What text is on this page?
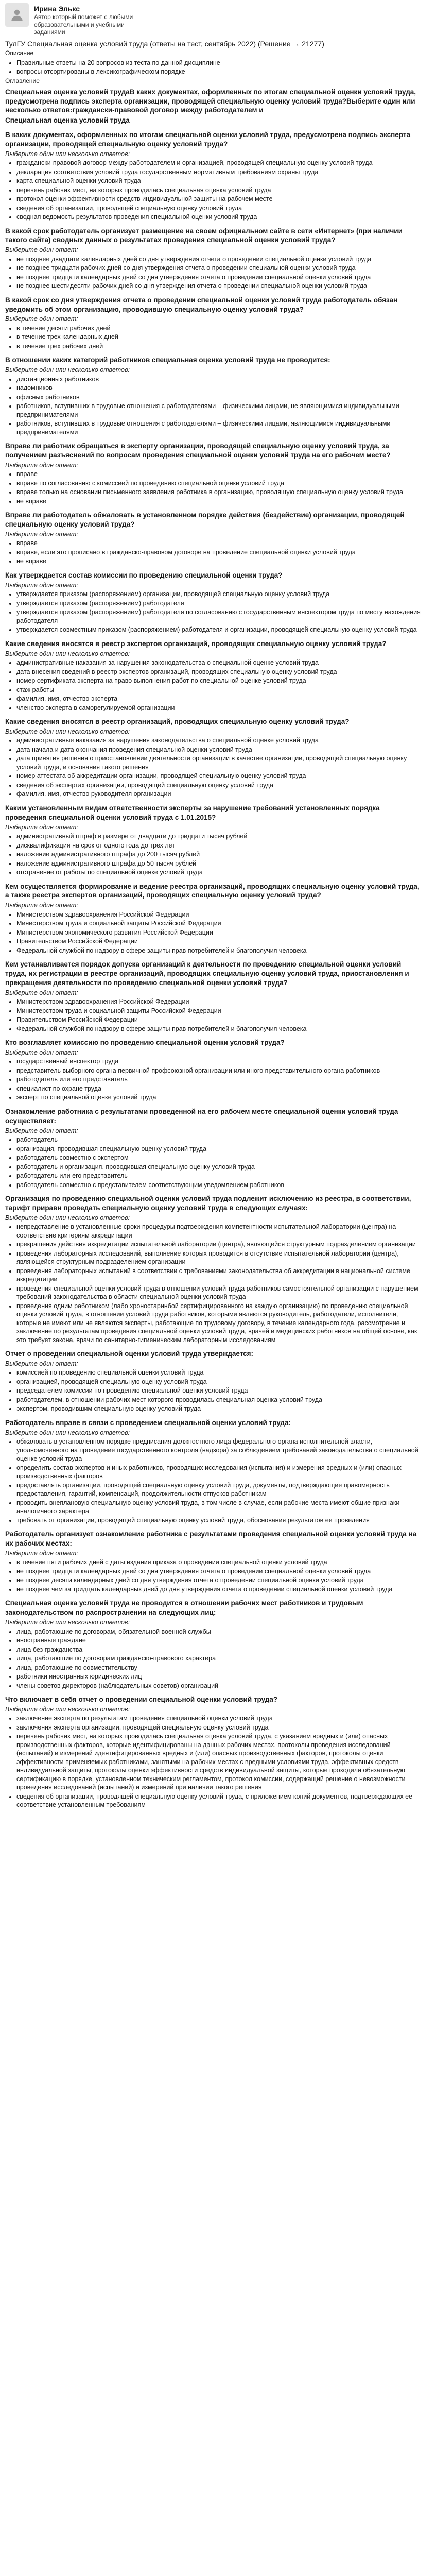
Ирина Элькс
Автор который поможет с любыми образовательными и учебными заданиями
ТулГУ Специальная оценка условий труда (ответы на тест, сентябрь 2022) (Решение → 21277)
Описание
• Правильные ответы на 20 вопросов из теста по данной дисциплине
• вопросы отсортированы в лексикографическом порядке
Оглавление
Специальная оценка условий трудаВ каких документах, оформленных по итогам специальной оценки условий труда, предусмотрена подпись эксперта организации, проводящей специальную оценку условий труда?Выберите один или несколько ответов:граждански-правовой договор между работодателем и
Специальная оценка условий труда
В каких документах, оформленных по итогам специальной оценки условий труда, предусмотрена подпись эксперта организации, проводящей специальную оценку условий труда?
Выберите один или несколько ответов:
• граждански-правовой договор между работодателем и организацией, проводящей специальную оценку условий труда
• декларация соответствия условий труда государственным нормативным требованиям охраны труда
• карта специальной оценки условий труда
• перечень рабочих мест, на которых проводилась специальная оценка условий труда
• протокол оценки эффективности средств индивидуальной защиты на рабочем месте
• сведения об организации, проводящей специальную оценку условий труда
• сводная ведомость результатов проведения специальной оценки условий труда
В какой срок работодатель организует размещение на своем официальном сайте в сети «Интернет» (при наличии такого сайта) сводных данных о результатах проведения специальной оценки условий труда?
Выберите один ответ:
• не позднее двадцати календарных дней со дня утверждения отчета о проведении специальной оценки условий труда
• не позднее тридцати рабочих дней со дня утверждения отчета о проведении специальной оценки условий труда
• не позднее тридцати календарных дней со дня утверждения отчета о проведении специальной оценки условий труда
• не позднее шестидесяти рабочих дней со дня утверждения отчета о проведении специальной оценки условий труда
В какой срок со дня утверждения отчета о проведении специальной оценки условий труда работодатель обязан уведомить об этом организацию, проводившую специальную оценку условий труда?
Выберите один ответ:
• в течение десяти рабочих дней
• в течение трех календарных дней
• в течение трех рабочих дней
В отношении каких категорий работников специальная оценка условий труда не проводится:
Выберите один или несколько ответов:
• дистанционных работников
• надомников
• офисных работников
• работников, вступивших в трудовые отношения с работодателями – физическими лицами, не являющимися индивидуальными предпринимателями
• работников, вступивших в трудовые отношения с работодателями – физическими лицами, являющимися индивидуальными предпринимателями
Вправе ли работник обращаться в эксперту организации, проводящей специальную оценку условий труда, за получением разъяснений по вопросам проведения специальной оценки условий труда на его рабочем месте?
Выберите один ответ:
• вправе
• вправе по согласованию с комиссией по проведению специальной оценки условий труда
• вправе только на основании письменного заявления работника в организацию, проводящую специальную оценку условий труда
• не вправе
Вправе ли работодатель обжаловать в установленном порядке действия (бездействие) организации, проводящей специальную оценку условий труда?
Выберите один ответ:
• вправе
• вправе, если это прописано в гражданско-правовом договоре на проведение специальной оценки условий труда
• не вправе
Как утверждается состав комиссии по проведению специальной оценки труда?
Выберите один ответ:
• утверждается приказом (распоряжением) организации, проводящей специальную оценку условий труда
• утверждается приказом (распоряжением) работодателя
• утверждается приказом (распоряжением) работодателя по согласованию с государственным инспектором труда по месту нахождения работодателя
• утверждается совместным приказом (распоряжением) работодателя и организации, проводящей специальную оценку условий труда
Какие сведения вносятся в реестр экспертов организаций, проводящих специальную оценку условий труда?
Выберите один или несколько ответов:
• административные наказания за нарушения законодательства о специальной оценке условий труда
• дата внесения сведений в реестр экспертов организаций, проводящих специальную оценку условий труда
• номер сертификата эксперта на право выполнения работ по специальной оценке условий труда
• стаж работы
• фамилия, имя, отчество эксперта
• членство эксперта в саморегулируемой организации
Какие сведения вносятся в реестр организаций, проводящих специальную оценку условий труда?
Выберите один или несколько ответов:
• административные наказания за нарушения законодательства о специальной оценке условий труда
• дата начала и дата окончания проведения специальной оценки условий труда
• дата принятия решения о приостановлении деятельности организации в качестве организации, проводящей специальную оценку условий труда, и основания такого решения
• номер аттестата об аккредитации организации, проводящей специальную оценку условий труда
• сведения об экспертах организации, проводящей специальную оценку условий труда
• фамилия, имя, отчество руководителя организации
Каким установленным видам ответственности эксперты за нарушение требований установленных порядка проведения специальной оценки условий труда с 1.01.2015?
Выберите один ответ:
• административный штраф в размере от двадцати до тридцати тысяч рублей
• дисквалификация на срок от одного года до трех лет
• наложение административного штрафа до 200 тысяч рублей
• наложение административного штрафа до 50 тысяч рублей
• отстранение от работы по специальной оценке условий труда
Кем осуществляется формирование и ведение реестра организаций, проводящих специальную оценку условий труда, а также реестра экспертов организаций, проводящих специальную оценку условий труда?
Выберите один ответ:
• Министерством здравоохранения Российской Федерации
• Министерством труда и социальной защиты Российской Федерации
• Министерством экономического развития Российской Федерации
• Правительством Российской Федерации
• Федеральной службой по надзору в сфере защиты прав потребителей и благополучия человека
Кем устанавливается порядок допуска организаций к деятельности по проведению специальной оценки условий труда, их регистрации в реестре организаций, проводящих специальную оценку условий труда, приостановления и прекращения деятельности по проведению специальной оценки условий труда?
Выберите один ответ:
• Министерством здравоохранения Российской Федерации
• Министерством труда и социальной защиты Российской Федерации
• Правительством Российской Федерации
• Федеральной службой по надзору в сфере защиты прав потребителей и благополучия человека
Кто возглавляет комиссию по проведению специальной оценки условий труда?
Выберите один ответ:
• государственный инспектор труда
• представитель выборного органа первичной профсоюзной организации или иного представительного органа работников
• работодатель или его представитель
• специалист по охране труда
• эксперт по специальной оценке условий труда
Ознакомление работника с результатами проведенной на его рабочем месте специальной оценки условий труда осуществляет:
Выберите один ответ:
• работодатель
• организация, проводившая специальную оценку условий труда
• работодатель совместно с экспертом
• работодатель и организация, проводившая специальную оценку условий труда
• работодатель или его представитель
• работодатель совместно с представителем соответствующим уведомлением работников
Организация по проведению специальной оценки условий труда подлежит исключению из реестра, в соответствии, тарифт приравн проведать специальную оценку условий труда в следующих случаях:
Выберите один или несколько ответов:
• непредставление в установленные сроки процедуры подтверждения компетентности испытательной лаборатории (центра) на соответствие критериям аккредитации
• прекращения действия аккредитации испытательной лаборатории (центра), являющейся структурным подразделением организации
• проведения лабораторных исследований, выполнение которых проводится в отсутствие испытательной лаборатории (центра), являющейся структурным подразделением организации
• проведения лабораторных испытаний в соответствии с требованиями законодательства об аккредитации в национальной системе аккредитации
• проведения специальной оценки условий труда в отношении условий труда работников самостоятельной организации с нарушением требований законодательства в области специальной оценки условий труда
• проведения одним работником (лабо хроностаринбой сертифицированного на каждую организацию) по проведению специальной оценки условий труда, в отношении условий труда работников, которыми являются руководитель, работодатели, исполнители, которые не имеют или не являются эксперты, работающие по трудовому договору, в течение календарного года, рассмотрение и заключение по результатам проведения специальной оценки условий труда, врачей и медицинских работников на общей основе, как это требует закона, врачи по санитарно-гигиеническим лабораторным исследованиям
Отчет о проведении специальной оценки условий труда утверждается:
Выберите один ответ:
• комиссией по проведению специальной оценки условий труда
• организацией, проводящей специальную оценку условий труда
• председателем комиссии по проведению специальной оценки условий труда
• работодателем, в отношении рабочих мест которого проводилась специальная оценка условий труда
• экспертом, проводившим специальную оценку условий труда
Работодатель вправе в связи с проведением специальной оценки условий труда:
Выберите один или несколько ответов:
• обжаловать в установленном порядке предписания должностного лица федерального органа исполнительной власти, уполномоченного на проведение государственного контроля (надзора) за соблюдением требований законодательства о специальной оценке условий труда
• определить состав экспертов и иных работников, проводящих исследования (испытания) и измерения вредных и (или) опасных производственных факторов
• предоставлять организации, проводящей специальную оценку условий труда, документы, подтверждающие правомерность предоставления, гарантий, компенсаций, продолжительности отпусков работникам
• проводить внеплановую специальную оценку условий труда, в том числе в случае, если рабочие места имеют общие признаки аналогичного характера
• требовать от организации, проводящей специальную оценку условий труда, обоснования результатов ее проведения
Работодатель организует ознакомление работника с результатами проведения специальной оценки условий труда на их рабочих местах:
Выберите один ответ:
• в течение пяти рабочих дней с даты издания приказа о проведении специальной оценки условий труда
• не позднее тридцати календарных дней со дня утверждения отчета о проведении специальной оценки условий труда
• не позднее десяти календарных дней со дня утверждения отчета о проведении специальной оценки условий труда
• не позднее чем за тридцать календарных дней до дня утверждения отчета о проведении специальной оценки условий труда
Специальная оценка условий труда не проводится в отношении рабочих мест работников и трудовым законодательством по распространении на следующих лиц:
Выберите один или несколько ответов:
• лица, работающие по договорам, обязательной военной службы
• иностранные граждане
• лица без гражданства
• лица, работающие по договорам гражданско-правового характера
• лица, работающие по совместительству
• работники иностранных юридических лиц
• члены советов директоров (наблюдательных советов) организаций
Что включает в себя отчет о проведении специальной оценки условий труда?
Выберите один или несколько ответов:
• заключение эксперта по результатам проведения специальной оценки условий труда
• заключения эксперта организации, проводящей специальную оценку условий труда
• перечень рабочих мест, на которых проводилась специальная оценка условий труда, с указанием вредных и (или) опасных производственных факторов, которые идентифицированы на данных рабочих местах, протоколы проведения исследований (испытаний) и измерений идентифицированных вредных и (или) опасных производственных факторов, протоколы оценки эффективности применяемых работниками, занятыми на рабочих местах с вредными условиями труда, эффективных средств индивидуальной защиты, протоколы оценки эффективности средств индивидуальной защиты, которые проходили обязательную сертификацию в порядке, установленном техническим регламентом, протокол комиссии, содержащий решение о невозможности проведения исследований (испытаний) и измерений при наличии такого решения
• сведения об организации, проводящей специальную оценку условий труда, с приложением копий документов, подтверждающих ее соответствие установленным требованиям
